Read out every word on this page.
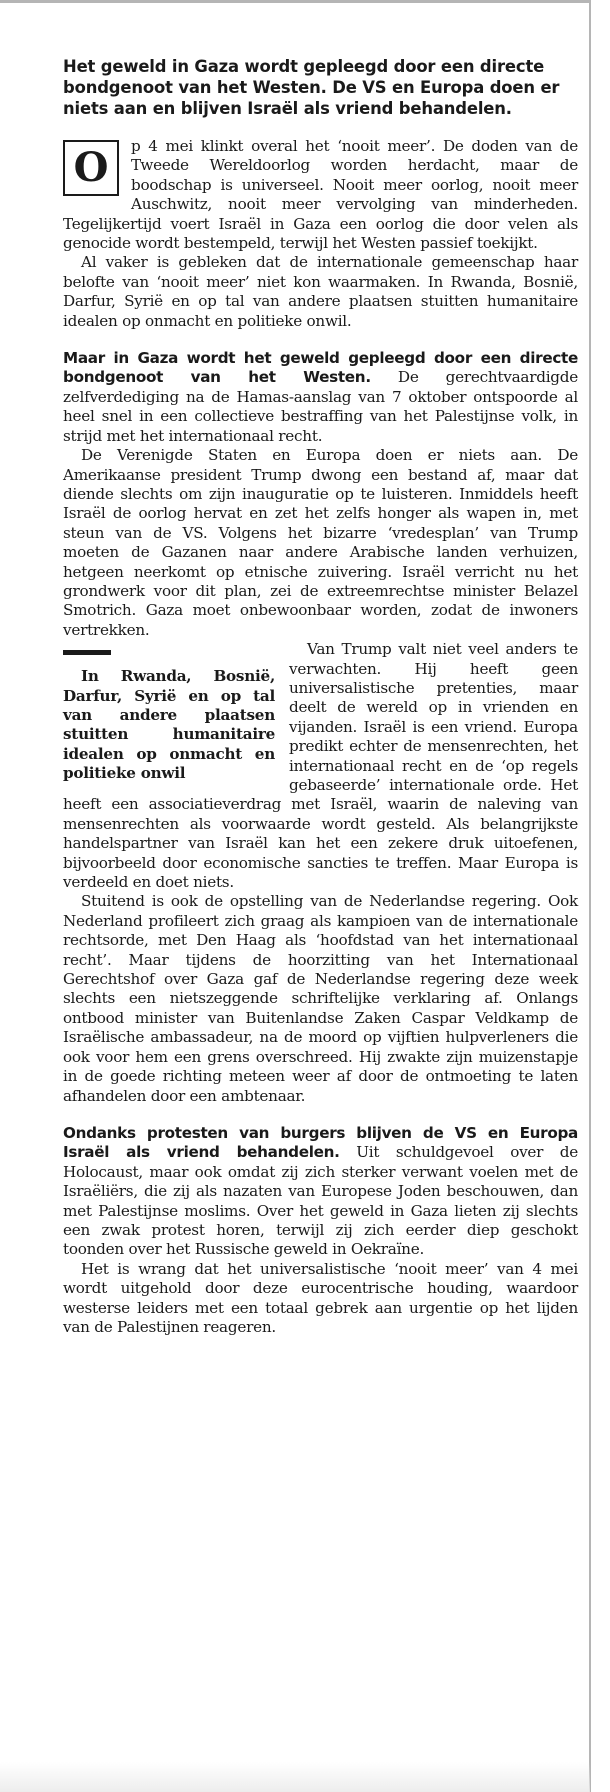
Het geweld in Gaza wordt gepleegd door een directe bondgenoot van het Westen. De VS en Europa doen er niets aan en blijven Israël als vriend behandelen.

O	p 4 mei klinkt overal het ‘nooit meer’. De doden van de Tweede Wereldoorlog worden herdacht, maar de boodschap is universeel. Nooit meer oorlog, nooit meer Auschwitz, nooit meer vervolging van minderheden. Tegelijkertijd voert Israël in Gaza een oorlog die door velen als genocide wordt bestempeld, terwijl het Westen passief toekijkt.

Al vaker is gebleken dat de internationale gemeenschap haar belofte van ‘nooit meer’ niet kon waarmaken. In Rwanda, Bosnië, Darfur, Syrië en op tal van andere plaatsen stuitten humanitaire idealen op onmacht en politieke onwil.

Maar in Gaza wordt het geweld gepleegd door een directe bondgenoot van het Westen. De gerechtvaardigde zelfverdediging na de Hamas-aanslag van 7 oktober ontspoorde al heel snel in een collectieve bestraffing van het Palestijnse volk, in strijd met het internationaal recht.

De Verenigde Staten en Europa doen er niets aan. De Amerikaanse president Trump dwong een bestand af, maar dat diende slechts om zijn inauguratie op te luisteren. Inmiddels heeft Israël de oorlog hervat en zet het zelfs honger als wapen in, met steun van de VS. Volgens het bizarre ‘vredesplan’ van Trump moeten de Gazanen naar andere Arabische landen verhuizen, hetgeen neerkomt op etnische zuivering. Israël verricht nu het grondwerk voor dit plan, zei de extreemrechtse minister Belazel Smotrich. Gaza moet onbewoonbaar worden, zodat de inwoners vertrekken.

In Rwanda, Bosnië, Darfur, Syrië en op tal van andere plaatsen stuitten humanitaire idealen op onmacht en politieke onwil

Van Trump valt niet veel anders te verwachten. Hij heeft geen universalistische pretenties, maar deelt de wereld op in vrienden en vijanden. Israël is een vriend. Europa predikt echter de mensenrechten, het internationaal recht en de ‘op regels gebaseerde’ internationale orde. Het heeft een associatieverdrag met Israël, waarin de naleving van mensenrechten als voorwaarde wordt gesteld. Als belangrijkste handelspartner van Israël kan het een zekere druk uitoefenen, bijvoorbeeld door economische sancties te treffen. Maar Europa is verdeeld en doet niets.

Stuitend is ook de opstelling van de Nederlandse regering. Ook Nederland profileert zich graag als kampioen van de internationale rechtsorde, met Den Haag als ‘hoofdstad van het internationaal recht’. Maar tijdens de hoorzitting van het Internationaal Gerechtshof over Gaza gaf de Nederlandse regering deze week slechts een nietszeggende schriftelijke verklaring af. Onlangs ontbood minister van Buitenlandse Zaken Caspar Veldkamp de Israëlische ambassadeur, na de moord op vijftien hulpverleners die ook voor hem een grens overschreed. Hij zwakte zijn muizenstapje in de goede richting meteen weer af door de ontmoeting te laten afhandelen door een ambtenaar.

Ondanks protesten van burgers blijven de VS en Europa Israël als vriend behandelen. Uit schuldgevoel over de Holocaust, maar ook omdat zij zich sterker verwant voelen met de Israëliërs, die zij als nazaten van Europese Joden beschouwen, dan met Palestijnse moslims. Over het geweld in Gaza lieten zij slechts een zwak protest horen, terwijl zij zich eerder diep geschokt toonden over het Russische geweld in Oekraïne.

Het is wrang dat het universalistische ‘nooit meer’ van 4 mei wordt uitgehold door deze eurocentrische houding, waardoor westerse leiders met een totaal gebrek aan urgentie op het lijden van de Palestijnen reageren.
